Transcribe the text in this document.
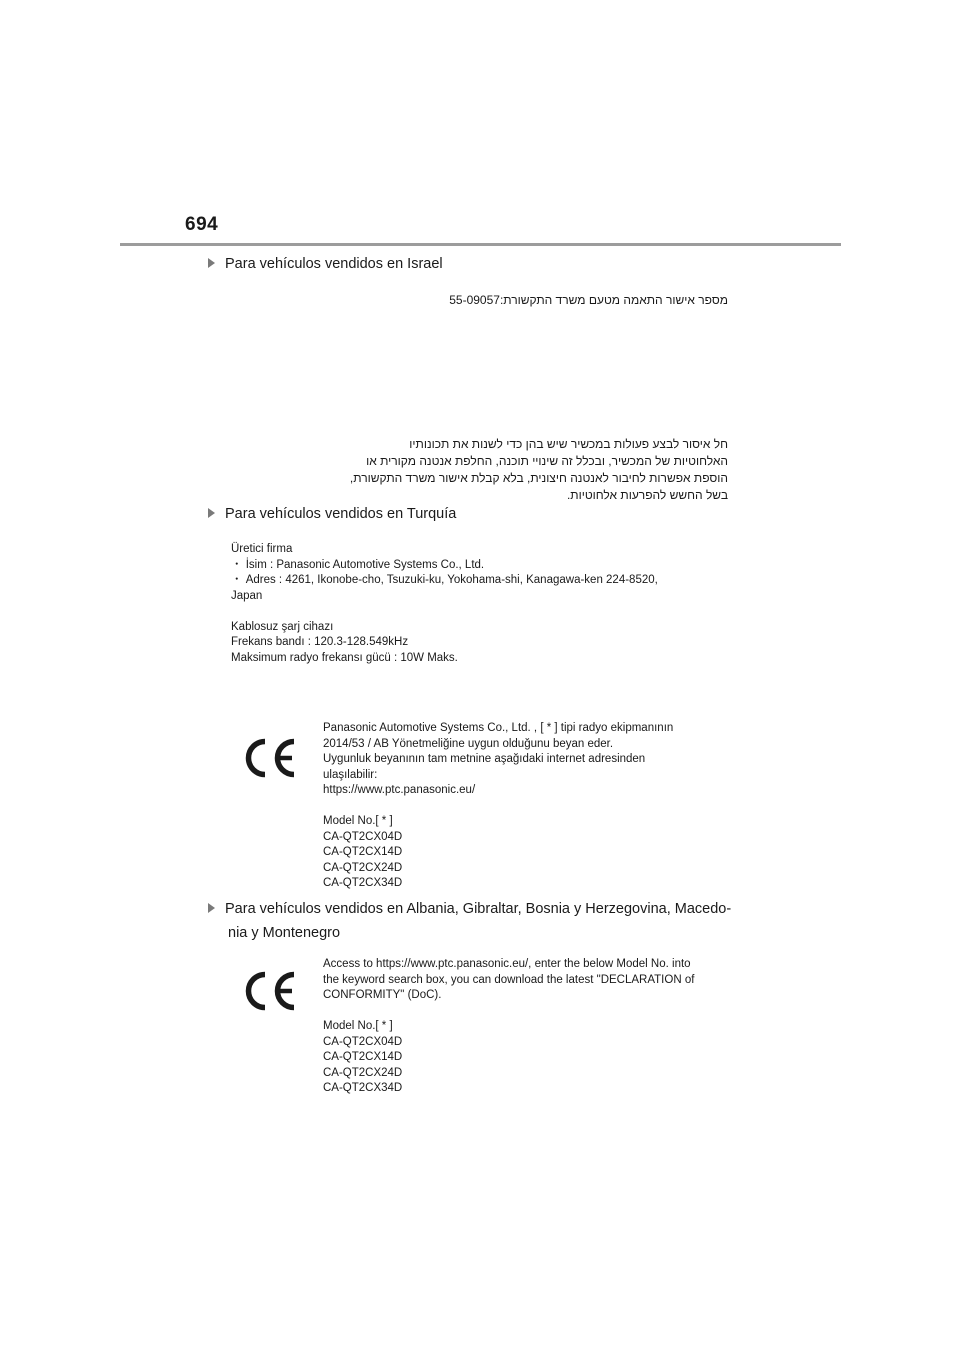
694
Para vehículos vendidos en Israel
מספר אישור התאמה מטעם משרד התקשורת:55-09057
חל איסור לבצע פעולות במכשיר שיש בהן כדי לשנות את תכונותיו
האלחוטיות של המכשיר, ובכלל זה שינויי תוכנה, החלפת אנטנה מקורית או
הוספת אפשרות לחיבור לאנטנה חיצונית, בלא קבלת אישור משרד התקשורת,
בשל החשש להפרעות אלחוטיות.
Para vehículos vendidos en Turquía
Üretici firma
・ İsim : Panasonic Automotive Systems Co., Ltd.
・ Adres : 4261, Ikonobe-cho, Tsuzuki-ku, Yokohama-shi, Kanagawa-ken 224-8520,
Japan
Kablosuz şarj cihazı
Frekans bandı : 120.3-128.549kHz
Maksimum radyo frekansı gücü : 10W Maks.
Panasonic Automotive Systems Co., Ltd. , [ * ] tipi radyo ekipmanının
2014/53 / AB Yönetmeliğine uygun olduğunu beyan eder.
Uygunluk beyanının tam metnine aşağıdaki internet adresinden
ulaşılabilir:
https://www.ptc.panasonic.eu/
Model No.[ * ]
CA-QT2CX04D
CA-QT2CX14D
CA-QT2CX24D
CA-QT2CX34D
Para vehículos vendidos en Albania, Gibraltar, Bosnia y Herzegovina, Macedo-
nia y Montenegro
Access to https://www.ptc.panasonic.eu/, enter the below Model No. into
the keyword search box, you can download the latest "DECLARATION of
CONFORMITY" (DoC).
Model No.[ * ]
CA-QT2CX04D
CA-QT2CX14D
CA-QT2CX24D
CA-QT2CX34D
